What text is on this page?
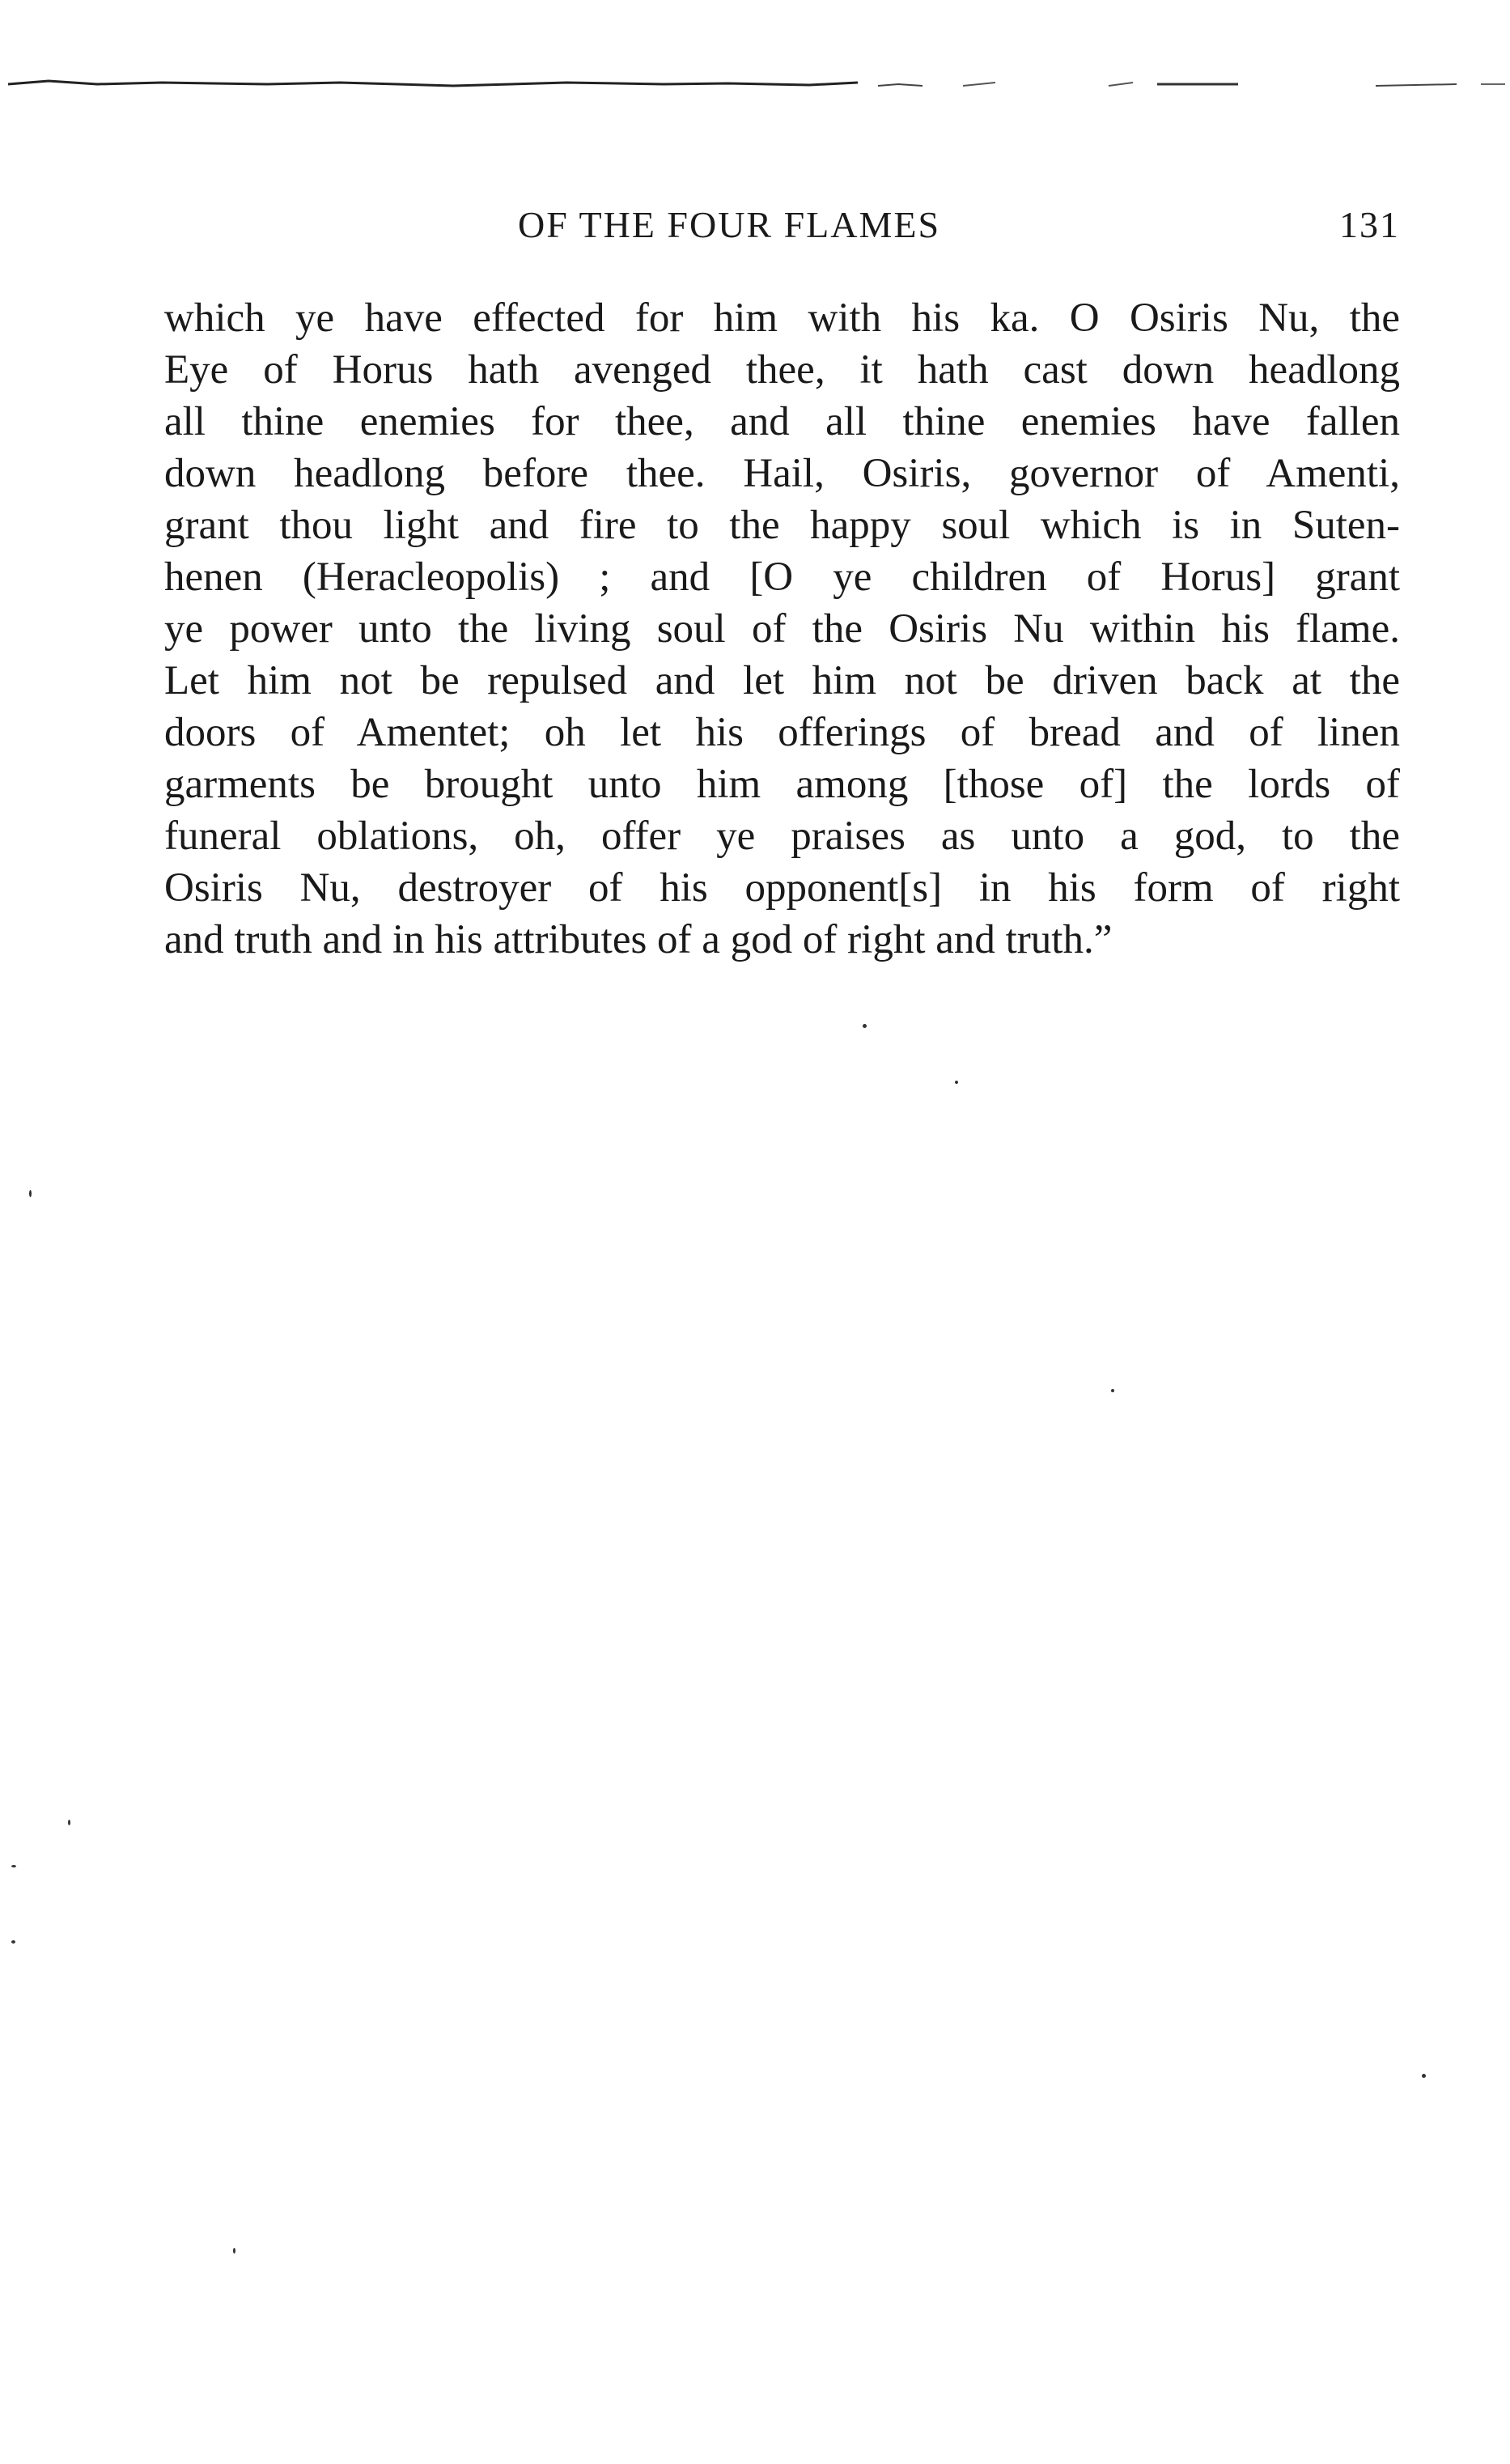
OF THE FOUR FLAMES	131
which ye have effected for him with his ka. O Osiris Nu, the
Eye of Horus hath avenged thee, it hath cast down headlong
all thine enemies for thee, and all thine enemies have fallen
down headlong before thee. Hail, Osiris, governor of Amenti,
grant thou light and fire to the happy soul which is in Suten-
henen (Heracleopolis) ; and [O ye children of Horus] grant
ye power unto the living soul of the Osiris Nu within his flame.
Let him not be repulsed and let him not be driven back at the
doors of Amentet; oh let his offerings of bread and of linen
garments be brought unto him among [those of] the lords of
funeral oblations, oh, offer ye praises as unto a god, to the
Osiris Nu, destroyer of his opponent[s] in his form of right
and truth and in his attributes of a god of right and truth.”
